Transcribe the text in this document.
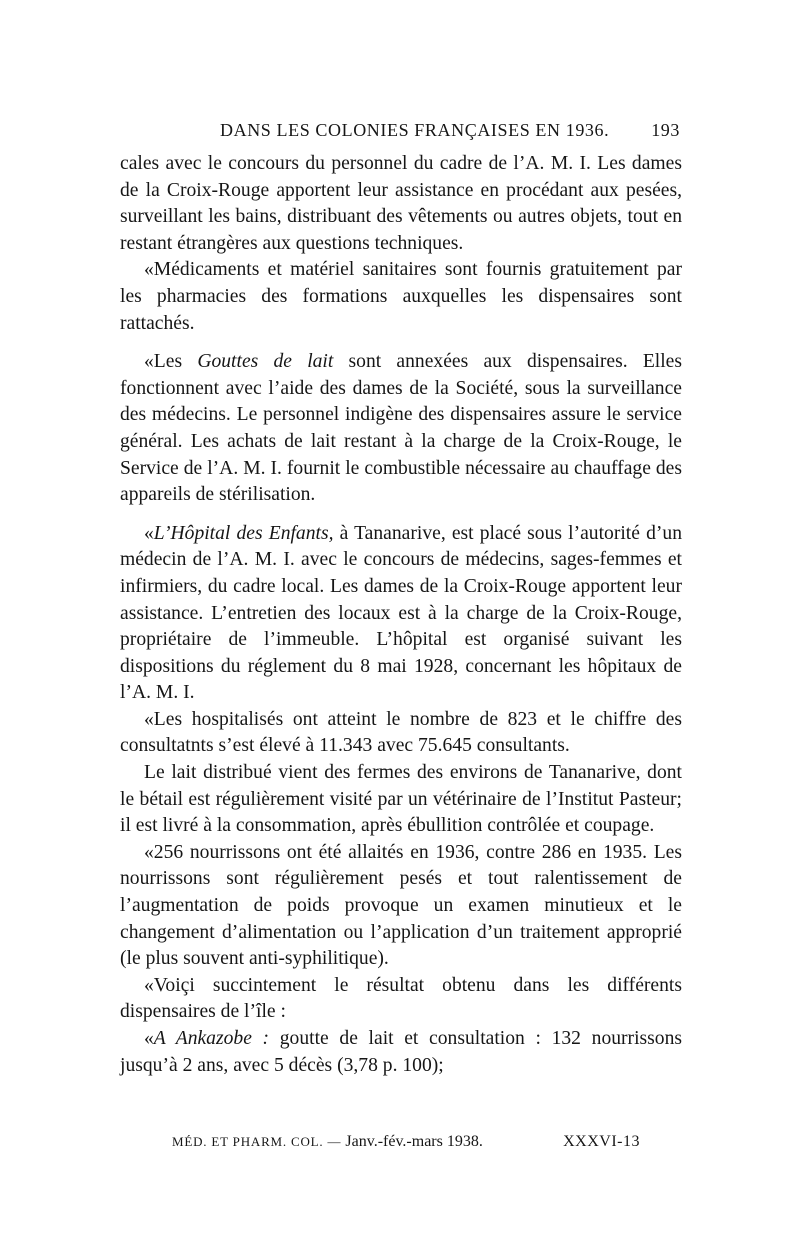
DANS LES COLONIES FRANÇAISES EN 1936. 193

cales avec le concours du personnel du cadre de l’A. M. I. Les dames de la Croix-Rouge apportent leur assistance en procédant aux pesées, surveillant les bains, distribuant des vêtements ou autres objets, tout en restant étrangères aux questions techniques.

«Médicaments et matériel sanitaires sont fournis gratuitement par les pharmacies des formations auxquelles les dispensaires sont rattachés.

«Les Gouttes de lait sont annexées aux dispensaires. Elles fonctionnent avec l’aide des dames de la Société, sous la surveillance des médecins. Le personnel indigène des dispensaires assure le service général. Les achats de lait restant à la charge de la Croix-Rouge, le Service de l’A. M. I. fournit le combustible nécessaire au chauffage des appareils de stérilisation.

«L’Hôpital des Enfants, à Tananarive, est placé sous l’autorité d’un médecin de l’A. M. I. avec le concours de médecins, sages-femmes et infirmiers, du cadre local. Les dames de la Croix-Rouge apportent leur assistance. L’entretien des locaux est à la charge de la Croix-Rouge, propriétaire de l’immeuble. L’hôpital est organisé suivant les dispositions du réglement du 8 mai 1928, concernant les hôpitaux de l’A. M. I.

«Les hospitalisés ont atteint le nombre de 823 et le chiffre des consultatnts s’est élevé à 11.343 avec 75.645 consultants.

Le lait distribué vient des fermes des environs de Tananarive, dont le bétail est régulièrement visité par un vétérinaire de l’Institut Pasteur; il est livré à la consommation, après ébullition contrôlée et coupage.

«256 nourrissons ont été allaités en 1936, contre 286 en 1935. Les nourrissons sont régulièrement pesés et tout ralentissement de l’augmentation de poids provoque un examen minutieux et le changement d’alimentation ou l’application d’un traitement approprié (le plus souvent anti-syphilitique).

«Voiçi succintement le résultat obtenu dans les différents dispensaires de l’île :

«A Ankazobe : goutte de lait et consultation : 132 nourrissons jusqu’à 2 ans, avec 5 décès (3,78 p. 100);

MÉD. ET PHARM. COL. — Janv.-fév.-mars 1938.	XXXVI-13
